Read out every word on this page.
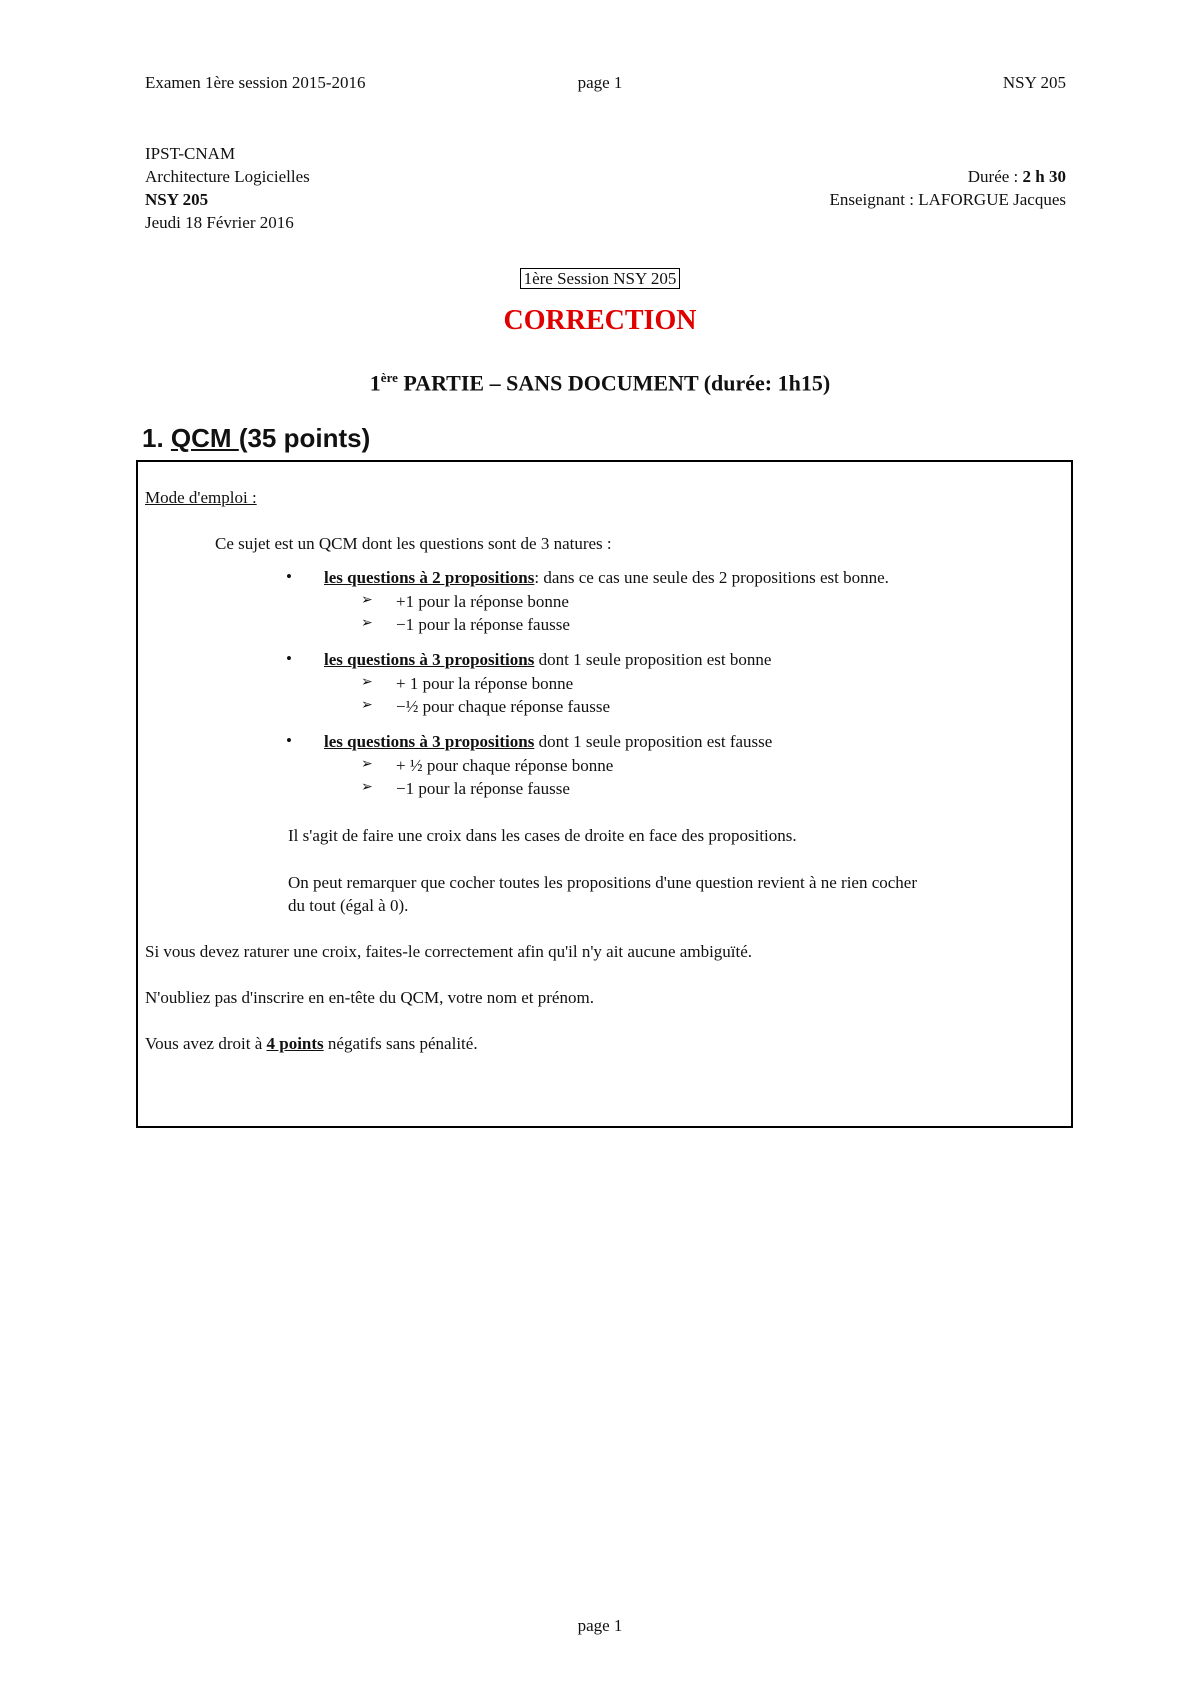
Examen 1ère session 2015-2016	page 1	NSY 205
IPST-CNAM
Architecture Logicielles
NSY 205
Jeudi 18 Février 2016
Durée : 2 h 30
Enseignant : LAFORGUE Jacques
1ère Session NSY 205
CORRECTION
1ère PARTIE – SANS DOCUMENT (durée: 1h15)
1. QCM (35 points)
Mode d'emploi :
Ce sujet est un QCM dont les questions sont de 3 natures :
• les questions à 2 propositions: dans ce cas une seule des 2 propositions est bonne.
➢ +1 pour la réponse bonne
➢ −1 pour la réponse fausse
• les questions à 3 propositions dont 1 seule proposition est bonne
➢ + 1 pour la réponse bonne
➢ −½ pour chaque réponse fausse
• les questions à 3 propositions dont 1 seule proposition est fausse
➢ + ½ pour chaque réponse bonne
➢ −1 pour la réponse fausse
Il s'agit de faire une croix dans les cases de droite en face des propositions.
On peut remarquer que cocher toutes les propositions d'une question revient à ne rien cocher
du tout (égal à 0).
Si vous devez raturer une croix, faites-le correctement afin qu'il n'y ait aucune ambiguïté.
N'oubliez pas d'inscrire en en-tête du QCM, votre nom et prénom.
Vous avez droit à 4 points négatifs sans pénalité.
page 1
